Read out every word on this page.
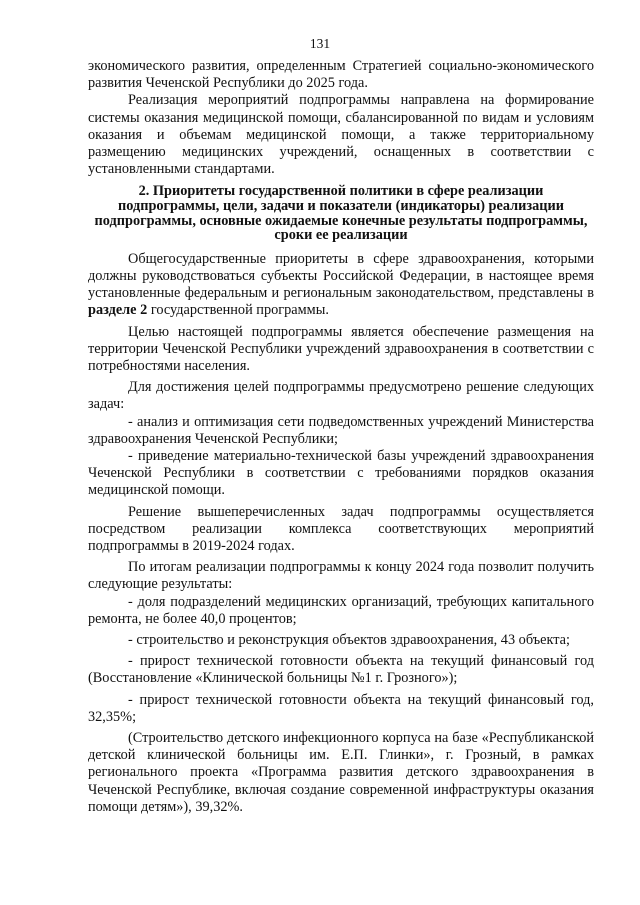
131

экономического развития, определенным Стратегией социально-экономического развития Чеченской Республики до 2025 года.

Реализация мероприятий подпрограммы направлена на формирование системы оказания медицинской помощи, сбалансированной по видам и условиям оказания и объемам медицинской помощи, а также территориальному размещению медицинских учреждений, оснащенных в соответствии с установленными стандартами.

2. Приоритеты государственной политики в сфере реализации подпрограммы, цели, задачи и показатели (индикаторы) реализации подпрограммы, основные ожидаемые конечные результаты подпрограммы, сроки ее реализации

Общегосударственные приоритеты в сфере здравоохранения, которыми должны руководствоваться субъекты Российской Федерации, в настоящее время установленные федеральным и региональным законодательством, представлены в разделе 2 государственной программы.

Целью настоящей подпрограммы является обеспечение размещения на территории Чеченской Республики учреждений здравоохранения в соответствии с потребностями населения.

Для достижения целей подпрограммы предусмотрено решение следующих задач:

- анализ и оптимизация сети подведомственных учреждений Министерства здравоохранения Чеченской Республики;

- приведение материально-технической базы учреждений здравоохранения Чеченской Республики в соответствии с требованиями порядков оказания медицинской помощи.

Решение вышеперечисленных задач подпрограммы осуществляется посредством реализации комплекса соответствующих мероприятий подпрограммы в 2019-2024 годах.

По итогам реализации подпрограммы к концу 2024 года позволит получить следующие результаты:

- доля подразделений медицинских организаций, требующих капитального ремонта, не более 40,0 процентов;

- строительство и реконструкция объектов здравоохранения, 43 объекта;

- прирост технической готовности объекта на текущий финансовый год (Восстановление «Клинической больницы №1 г. Грозного»);

- прирост технической готовности объекта на текущий финансовый год, 32,35%;

(Строительство детского инфекционного корпуса на базе «Республиканской детской клинической больницы им. Е.П. Глинки», г. Грозный, в рамках регионального проекта «Программа развития детского здравоохранения в Чеченской Республике, включая создание современной инфраструктуры оказания помощи детям»), 39,32%.
